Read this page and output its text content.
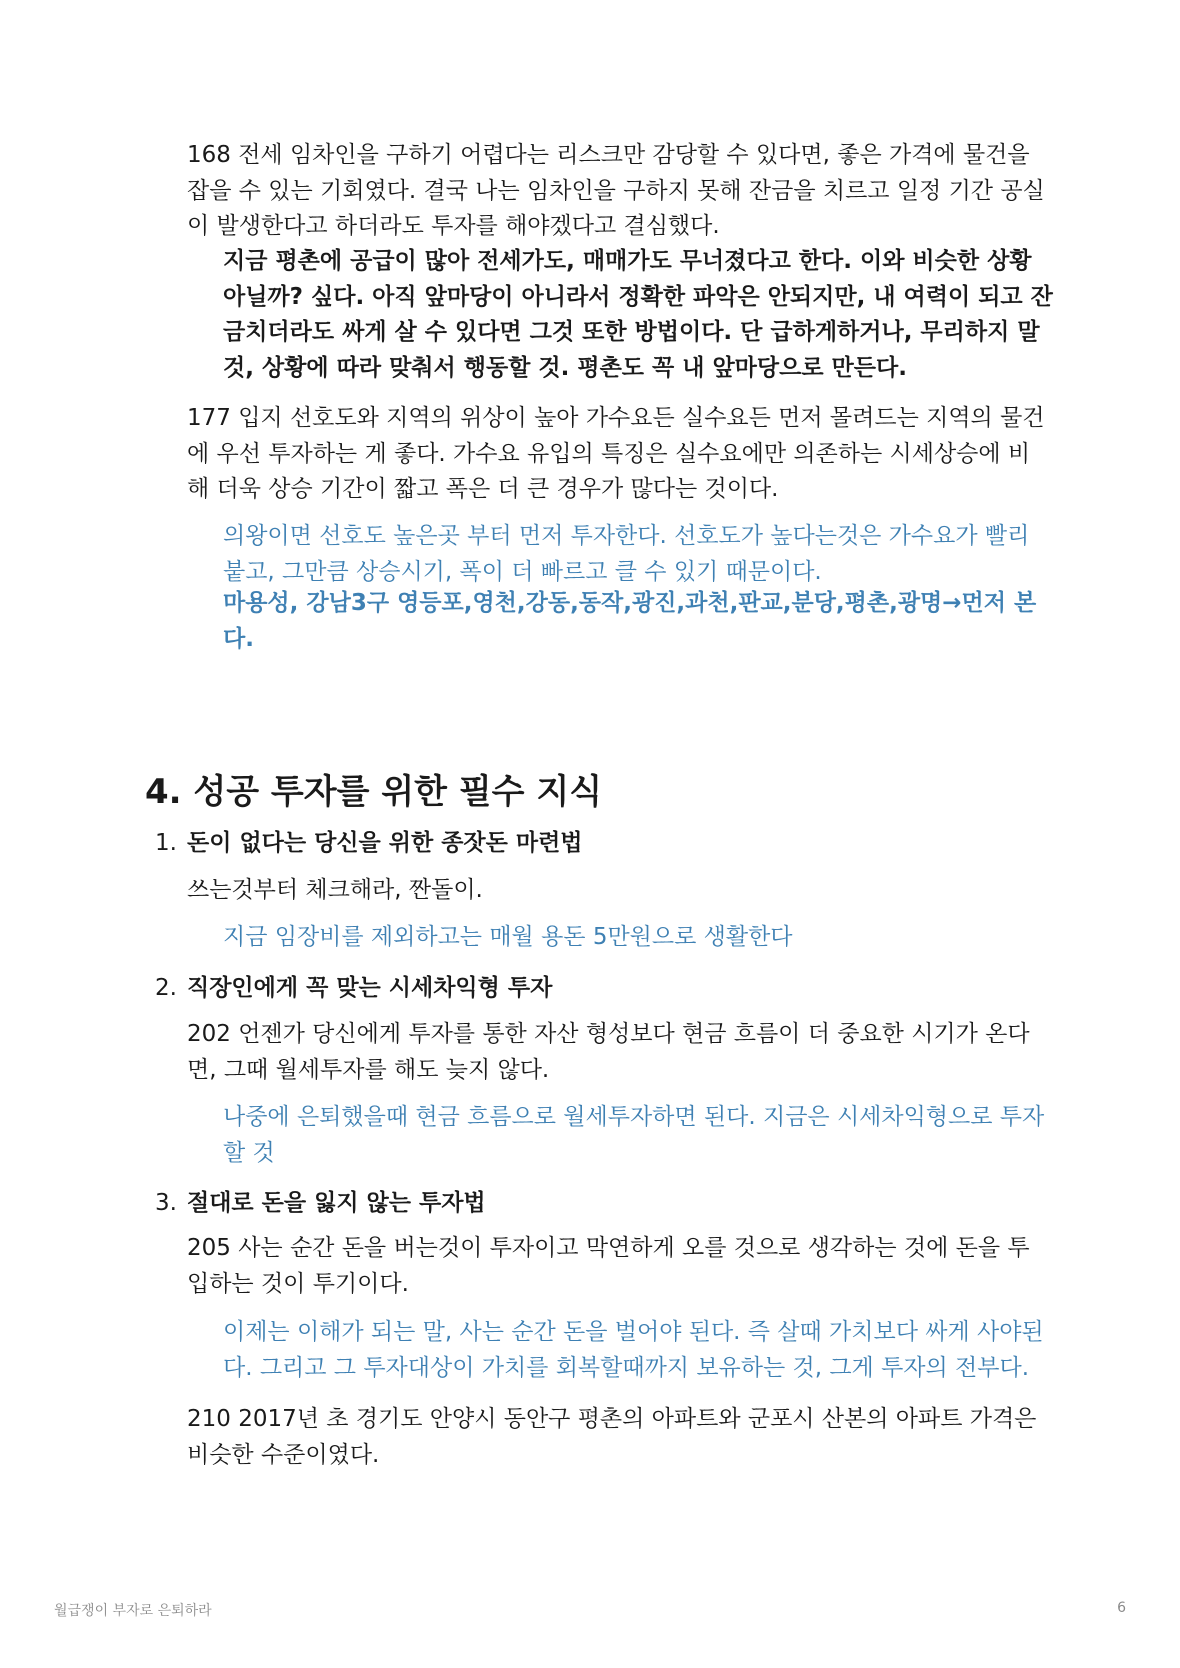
168 전세 임차인을 구하기 어렵다는 리스크만 감당할 수 있다면, 좋은 가격에 물건을 잡을 수 있는 기회였다. 결국 나는 임차인을 구하지 못해 잔금을 치르고 일정 기간 공실이 발생한다고 하더라도 투자를 해야겠다고 결심했다.

지금 평촌에 공급이 많아 전세가도, 매매가도 무너졌다고 한다. 이와 비슷한 상황 아닐까? 싶다. 아직 앞마당이 아니라서 정확한 파악은 안되지만, 내 여력이 되고 잔금치더라도 싸게 살 수 있다면 그것 또한 방법이다. 단 급하게하거나, 무리하지 말것, 상황에 따라 맞춰서 행동할 것. 평촌도 꼭 내 앞마당으로 만든다.

177 입지 선호도와 지역의 위상이 높아 가수요든 실수요든 먼저 몰려드는 지역의 물건에 우선 투자하는 게 좋다. 가수요 유입의 특징은 실수요에만 의존하는 시세상승에 비해 더욱 상승 기간이 짧고 폭은 더 큰 경우가 많다는 것이다.

의왕이면 선호도 높은곳 부터 먼저 투자한다. 선호도가 높다는것은 가수요가 빨리 붙고, 그만큼 상승시기, 폭이 더 빠르고 클 수 있기 때문이다.

마용성, 강남3구 영등포,영천,강동,동작,광진,과천,판교,분당,평촌,광명→먼저 본다.

4. 성공 투자를 위한 필수 지식

1. 돈이 없다는 당신을 위한 종잣돈 마련법

쓰는것부터 체크해라, 짠돌이.

지금 임장비를 제외하고는 매월 용돈 5만원으로 생활한다

2. 직장인에게 꼭 맞는 시세차익형 투자

202 언젠가 당신에게 투자를 통한 자산 형성보다 현금 흐름이 더 중요한 시기가 온다면, 그때 월세투자를 해도 늦지 않다.

나중에 은퇴했을때 현금 흐름으로 월세투자하면 된다. 지금은 시세차익형으로 투자할 것

3. 절대로 돈을 잃지 않는 투자법

205 사는 순간 돈을 버는것이 투자이고 막연하게 오를 것으로 생각하는 것에 돈을 투입하는 것이 투기이다.

이제는 이해가 되는 말, 사는 순간 돈을 벌어야 된다. 즉 살때 가치보다 싸게 사야된다. 그리고 그 투자대상이 가치를 회복할때까지 보유하는 것, 그게 투자의 전부다.

210 2017년 초 경기도 안양시 동안구 평촌의 아파트와 군포시 산본의 아파트 가격은 비슷한 수준이였다.

월급쟁이 부자로 은퇴하라	6
